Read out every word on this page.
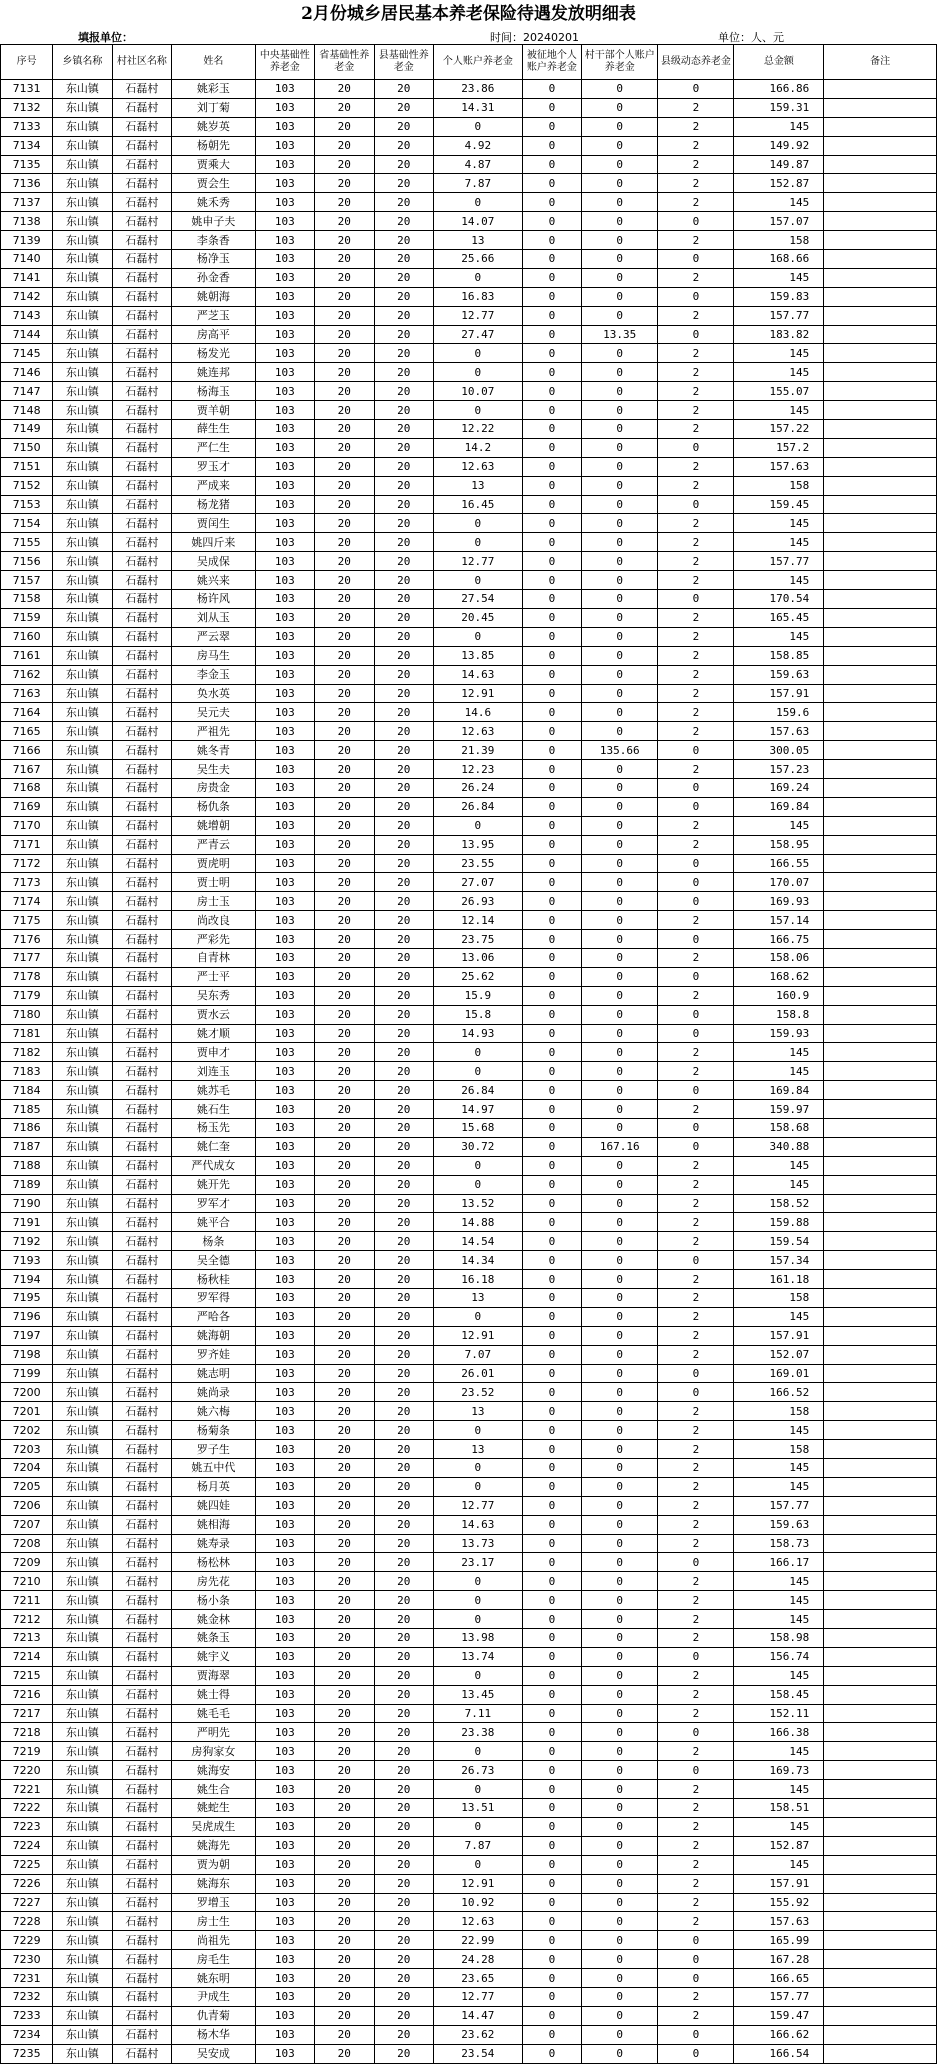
2月份城乡居民基本养老保险待遇发放明细表
填报单位：	时间：20240201	单位：人、元
序号	乡镇名称	村社区名称	姓名	中央基础性养老金	省基础性养老金	县基础性养老金	个人账户养老金	被征地个人账户养老金	村干部个人账户养老金	县级动态养老金	总金额	备注
7131	东山镇	石磊村	姚彩玉	103	20	20	23.86	0	0	0	166.86	
7132	东山镇	石磊村	刘丁菊	103	20	20	14.31	0	0	2	159.31	
7133	东山镇	石磊村	姚岁英	103	20	20	0	0	0	2	145	
7134	东山镇	石磊村	杨朝先	103	20	20	4.92	0	0	2	149.92	
7135	东山镇	石磊村	贾乘大	103	20	20	4.87	0	0	2	149.87	
7136	东山镇	石磊村	贾会生	103	20	20	7.87	0	0	2	152.87	
7137	东山镇	石磊村	姚禾秀	103	20	20	0	0	0	2	145	
7138	东山镇	石磊村	姚申子夫	103	20	20	14.07	0	0	0	157.07	
7139	东山镇	石磊村	李条香	103	20	20	13	0	0	2	158	
7140	东山镇	石磊村	杨净玉	103	20	20	25.66	0	0	0	168.66	
7141	东山镇	石磊村	孙金香	103	20	20	0	0	0	2	145	
7142	东山镇	石磊村	姚朝海	103	20	20	16.83	0	0	0	159.83	
7143	东山镇	石磊村	严芝玉	103	20	20	12.77	0	0	2	157.77	
7144	东山镇	石磊村	房高平	103	20	20	27.47	0	13.35	0	183.82	
7145	东山镇	石磊村	杨发光	103	20	20	0	0	0	2	145	
7146	东山镇	石磊村	姚连邦	103	20	20	0	0	0	2	145	
7147	东山镇	石磊村	杨海玉	103	20	20	10.07	0	0	2	155.07	
7148	东山镇	石磊村	贾羊朝	103	20	20	0	0	0	2	145	
7149	东山镇	石磊村	薛生生	103	20	20	12.22	0	0	2	157.22	
7150	东山镇	石磊村	严仁生	103	20	20	14.2	0	0	0	157.2	
7151	东山镇	石磊村	罗玉才	103	20	20	12.63	0	0	2	157.63	
7152	东山镇	石磊村	严成来	103	20	20	13	0	0	2	158	
7153	东山镇	石磊村	杨龙猪	103	20	20	16.45	0	0	0	159.45	
7154	东山镇	石磊村	贾闰生	103	20	20	0	0	0	2	145	
7155	东山镇	石磊村	姚四斤来	103	20	20	0	0	0	2	145	
7156	东山镇	石磊村	吴成保	103	20	20	12.77	0	0	2	157.77	
7157	东山镇	石磊村	姚兴来	103	20	20	0	0	0	2	145	
7158	东山镇	石磊村	杨许风	103	20	20	27.54	0	0	0	170.54	
7159	东山镇	石磊村	刘从玉	103	20	20	20.45	0	0	2	165.45	
7160	东山镇	石磊村	严云翠	103	20	20	0	0	0	2	145	
7161	东山镇	石磊村	房马生	103	20	20	13.85	0	0	2	158.85	
7162	东山镇	石磊村	李金玉	103	20	20	14.63	0	0	2	159.63	
7163	东山镇	石磊村	奂水英	103	20	20	12.91	0	0	2	157.91	
7164	东山镇	石磊村	吴元夫	103	20	20	14.6	0	0	2	159.6	
7165	东山镇	石磊村	严祖先	103	20	20	12.63	0	0	2	157.63	
7166	东山镇	石磊村	姚冬青	103	20	20	21.39	0	135.66	0	300.05	
7167	东山镇	石磊村	吴生夫	103	20	20	12.23	0	0	2	157.23	
7168	东山镇	石磊村	房贵金	103	20	20	26.24	0	0	0	169.24	
7169	东山镇	石磊村	杨仇条	103	20	20	26.84	0	0	0	169.84	
7170	东山镇	石磊村	姚增朝	103	20	20	0	0	0	2	145	
7171	东山镇	石磊村	严青云	103	20	20	13.95	0	0	2	158.95	
7172	东山镇	石磊村	贾虎明	103	20	20	23.55	0	0	0	166.55	
7173	东山镇	石磊村	贾士明	103	20	20	27.07	0	0	0	170.07	
7174	东山镇	石磊村	房士玉	103	20	20	26.93	0	0	0	169.93	
7175	东山镇	石磊村	尚改良	103	20	20	12.14	0	0	2	157.14	
7176	东山镇	石磊村	严彩先	103	20	20	23.75	0	0	0	166.75	
7177	东山镇	石磊村	自青林	103	20	20	13.06	0	0	2	158.06	
7178	东山镇	石磊村	严士平	103	20	20	25.62	0	0	0	168.62	
7179	东山镇	石磊村	吴东秀	103	20	20	15.9	0	0	2	160.9	
7180	东山镇	石磊村	贾水云	103	20	20	15.8	0	0	0	158.8	
7181	东山镇	石磊村	姚才顺	103	20	20	14.93	0	0	0	159.93	
7182	东山镇	石磊村	贾申才	103	20	20	0	0	0	2	145	
7183	东山镇	石磊村	刘连玉	103	20	20	0	0	0	2	145	
7184	东山镇	石磊村	姚苏毛	103	20	20	26.84	0	0	0	169.84	
7185	东山镇	石磊村	姚石生	103	20	20	14.97	0	0	2	159.97	
7186	东山镇	石磊村	杨玉先	103	20	20	15.68	0	0	0	158.68	
7187	东山镇	石磊村	姚仁奎	103	20	20	30.72	0	167.16	0	340.88	
7188	东山镇	石磊村	严代成女	103	20	20	0	0	0	2	145	
7189	东山镇	石磊村	姚开先	103	20	20	0	0	0	2	145	
7190	东山镇	石磊村	罗军才	103	20	20	13.52	0	0	2	158.52	
7191	东山镇	石磊村	姚平合	103	20	20	14.88	0	0	2	159.88	
7192	东山镇	石磊村	杨条	103	20	20	14.54	0	0	2	159.54	
7193	东山镇	石磊村	吴全德	103	20	20	14.34	0	0	0	157.34	
7194	东山镇	石磊村	杨秋桂	103	20	20	16.18	0	0	2	161.18	
7195	东山镇	石磊村	罗军得	103	20	20	13	0	0	2	158	
7196	东山镇	石磊村	严哈各	103	20	20	0	0	0	2	145	
7197	东山镇	石磊村	姚海朝	103	20	20	12.91	0	0	2	157.91	
7198	东山镇	石磊村	罗齐娃	103	20	20	7.07	0	0	2	152.07	
7199	东山镇	石磊村	姚志明	103	20	20	26.01	0	0	0	169.01	
7200	东山镇	石磊村	姚尚录	103	20	20	23.52	0	0	0	166.52	
7201	东山镇	石磊村	姚六梅	103	20	20	13	0	0	2	158	
7202	东山镇	石磊村	杨菊条	103	20	20	0	0	0	2	145	
7203	东山镇	石磊村	罗子生	103	20	20	13	0	0	2	158	
7204	东山镇	石磊村	姚五中代	103	20	20	0	0	0	2	145	
7205	东山镇	石磊村	杨月英	103	20	20	0	0	0	2	145	
7206	东山镇	石磊村	姚四娃	103	20	20	12.77	0	0	2	157.77	
7207	东山镇	石磊村	姚相海	103	20	20	14.63	0	0	2	159.63	
7208	东山镇	石磊村	姚寿录	103	20	20	13.73	0	0	2	158.73	
7209	东山镇	石磊村	杨松林	103	20	20	23.17	0	0	0	166.17	
7210	东山镇	石磊村	房先花	103	20	20	0	0	0	2	145	
7211	东山镇	石磊村	杨小条	103	20	20	0	0	0	2	145	
7212	东山镇	石磊村	姚金林	103	20	20	0	0	0	2	145	
7213	东山镇	石磊村	姚条玉	103	20	20	13.98	0	0	2	158.98	
7214	东山镇	石磊村	姚宇义	103	20	20	13.74	0	0	0	156.74	
7215	东山镇	石磊村	贾海翠	103	20	20	0	0	0	2	145	
7216	东山镇	石磊村	姚士得	103	20	20	13.45	0	0	2	158.45	
7217	东山镇	石磊村	姚毛毛	103	20	20	7.11	0	0	2	152.11	
7218	东山镇	石磊村	严明先	103	20	20	23.38	0	0	0	166.38	
7219	东山镇	石磊村	房狗家女	103	20	20	0	0	0	2	145	
7220	东山镇	石磊村	姚海安	103	20	20	26.73	0	0	0	169.73	
7221	东山镇	石磊村	姚生合	103	20	20	0	0	0	2	145	
7222	东山镇	石磊村	姚蛇生	103	20	20	13.51	0	0	2	158.51	
7223	东山镇	石磊村	吴虎成生	103	20	20	0	0	0	2	145	
7224	东山镇	石磊村	姚海先	103	20	20	7.87	0	0	2	152.87	
7225	东山镇	石磊村	贾为朝	103	20	20	0	0	0	2	145	
7226	东山镇	石磊村	姚海东	103	20	20	12.91	0	0	2	157.91	
7227	东山镇	石磊村	罗增玉	103	20	20	10.92	0	0	2	155.92	
7228	东山镇	石磊村	房士生	103	20	20	12.63	0	0	2	157.63	
7229	东山镇	石磊村	尚祖先	103	20	20	22.99	0	0	0	165.99	
7230	东山镇	石磊村	房毛生	103	20	20	24.28	0	0	0	167.28	
7231	东山镇	石磊村	姚东明	103	20	20	23.65	0	0	0	166.65	
7232	东山镇	石磊村	尹成生	103	20	20	12.77	0	0	2	157.77	
7233	东山镇	石磊村	仇青菊	103	20	20	14.47	0	0	2	159.47	
7234	东山镇	石磊村	杨木华	103	20	20	23.62	0	0	0	166.62	
7235	东山镇	石磊村	吴安成	103	20	20	23.54	0	0	0	166.54	
